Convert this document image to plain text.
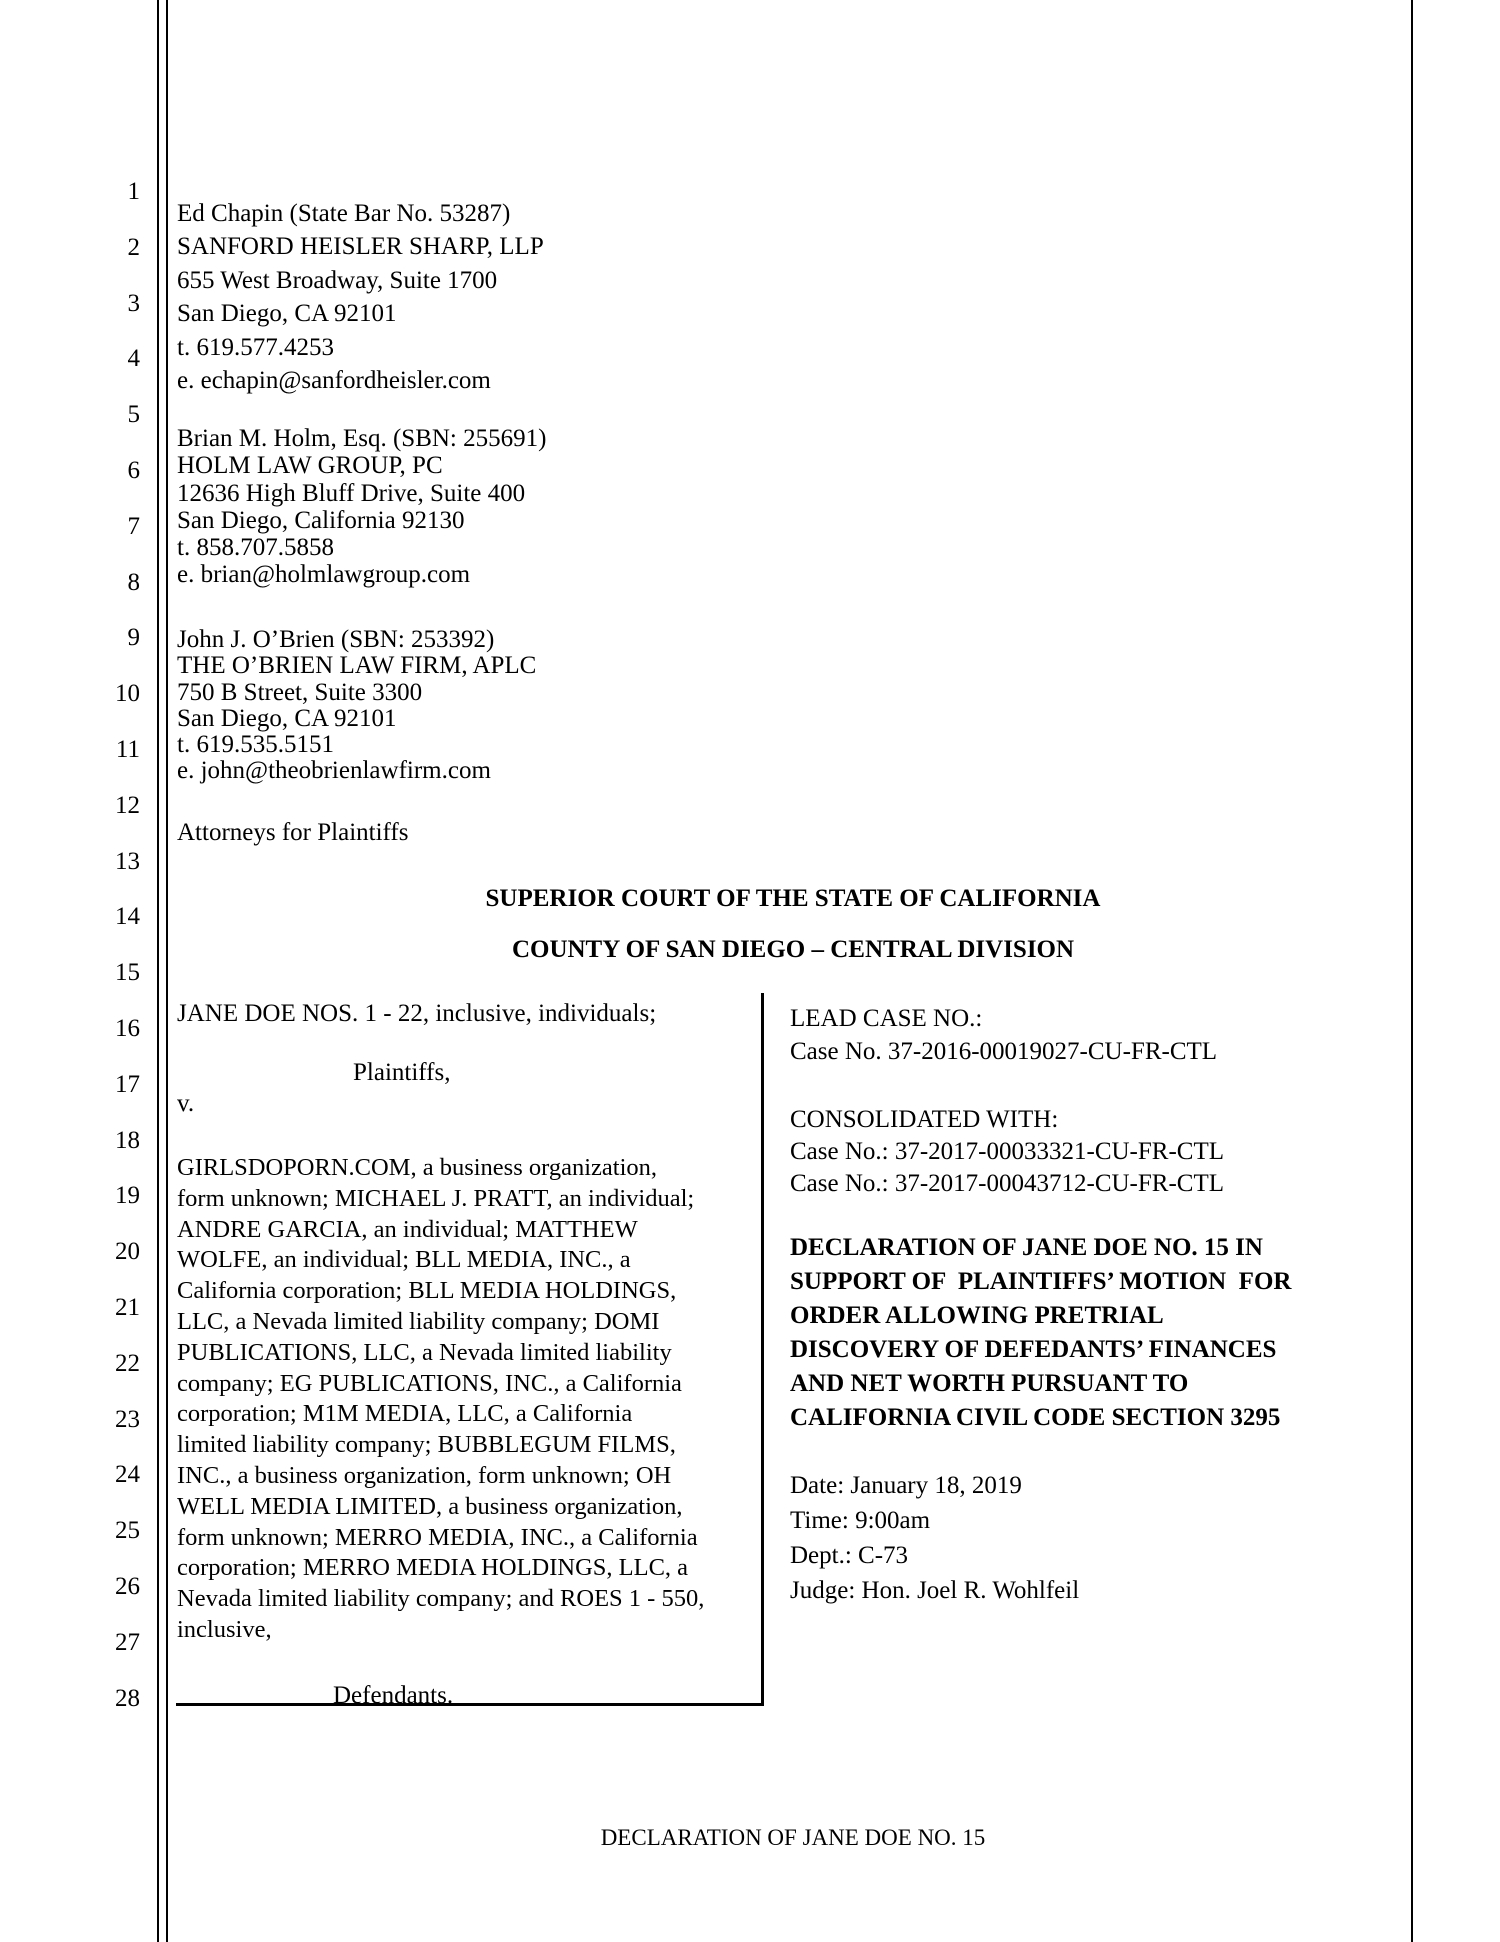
1
2
3
4
5
6
7
8
9
10
11
12
13
14
15
16
17
18
19
20
21
22
23
24
25
26
27
28
Ed Chapin (State Bar No. 53287)
SANFORD HEISLER SHARP, LLP
655 West Broadway, Suite 1700
San Diego, CA 92101
t. 619.577.4253
e. echapin@sanfordheisler.com
Brian M. Holm, Esq. (SBN: 255691)
HOLM LAW GROUP, PC
12636 High Bluff Drive, Suite 400
San Diego, California 92130
t. 858.707.5858
e. brian@holmlawgroup.com
John J. O’Brien (SBN: 253392)
THE O’BRIEN LAW FIRM, APLC
750 B Street, Suite 3300
San Diego, CA 92101
t. 619.535.5151
e. john@theobrienlawfirm.com
Attorneys for Plaintiffs
SUPERIOR COURT OF THE STATE OF CALIFORNIA
COUNTY OF SAN DIEGO – CENTRAL DIVISION
JANE DOE NOS. 1 - 22, inclusive, individuals;
Plaintiffs,
v.
GIRLSDOPORN.COM, a business organization,
form unknown; MICHAEL J. PRATT, an individual;
ANDRE GARCIA, an individual; MATTHEW
WOLFE, an individual; BLL MEDIA, INC., a
California corporation; BLL MEDIA HOLDINGS,
LLC, a Nevada limited liability company; DOMI
PUBLICATIONS, LLC, a Nevada limited liability
company; EG PUBLICATIONS, INC., a California
corporation; M1M MEDIA, LLC, a California
limited liability company; BUBBLEGUM FILMS,
INC., a business organization, form unknown; OH
WELL MEDIA LIMITED, a business organization,
form unknown; MERRO MEDIA, INC., a California
corporation; MERRO MEDIA HOLDINGS, LLC, a
Nevada limited liability company; and ROES 1 - 550,
inclusive,
Defendants.
LEAD CASE NO.:
Case No. 37-2016-00019027-CU-FR-CTL
CONSOLIDATED WITH:
Case No.: 37-2017-00033321-CU-FR-CTL
Case No.: 37-2017-00043712-CU-FR-CTL
DECLARATION OF JANE DOE NO. 15 IN
SUPPORT OF  PLAINTIFFS’ MOTION  FOR
ORDER ALLOWING PRETRIAL
DISCOVERY OF DEFEDANTS’ FINANCES
AND NET WORTH PURSUANT TO
CALIFORNIA CIVIL CODE SECTION 3295
Date: January 18, 2019
Time: 9:00am
Dept.: C-73
Judge: Hon. Joel R. Wohlfeil
DECLARATION OF JANE DOE NO. 15
